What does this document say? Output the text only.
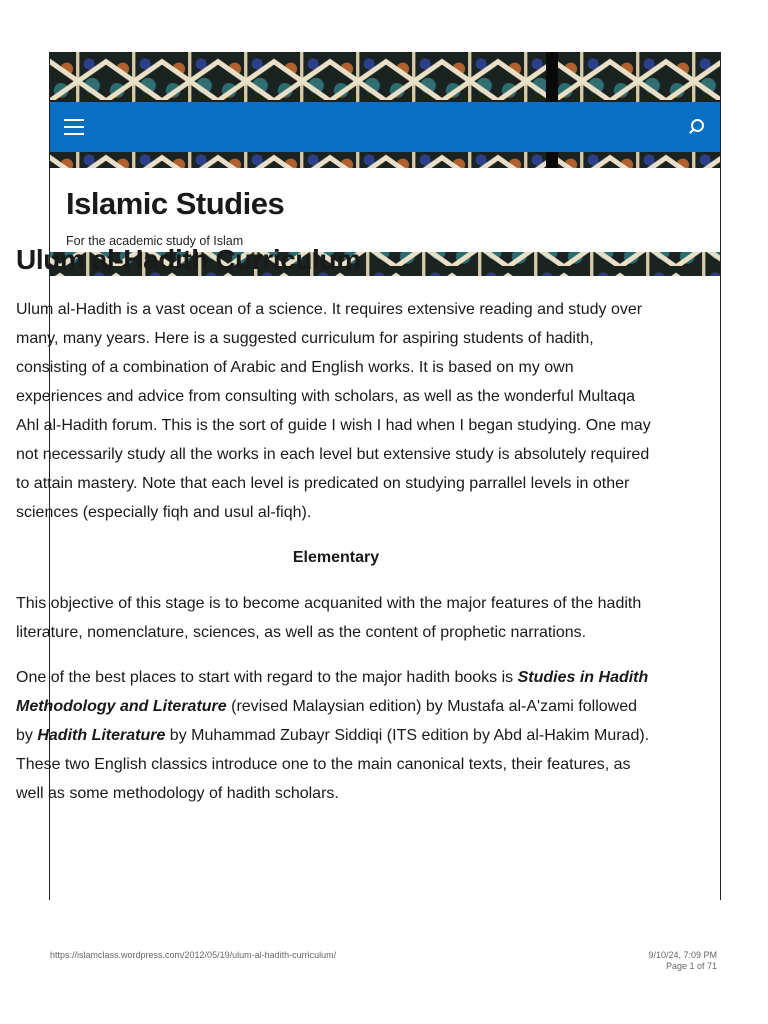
Islamic Studies
For the academic study of Islam
Ulum al-Hadith Curriculum

Ulum al-Hadith is a vast ocean of a science. It requires extensive reading and study over many, many years. Here is a suggested curriculum for aspiring students of hadith, consisting of a combination of Arabic and English works. It is based on my own experiences and advice from consulting with scholars, as well as the wonderful Multaqa Ahl al-Hadith forum. This is the sort of guide I wish I had when I began studying. One may not necessarily study all the works in each level but extensive study is absolutely required to attain mastery. Note that each level is predicated on studying parrallel levels in other sciences (especially fiqh and usul al-fiqh).

Elementary

This objective of this stage is to become acquanited with the major features of the hadith literature, nomenclature, sciences, as well as the content of prophetic narrations.

One of the best places to start with regard to the major hadith books is Studies in Hadith Methodology and Literature (revised Malaysian edition) by Mustafa al-A'zami followed by Hadith Literature by Muhammad Zubayr Siddiqi (ITS edition by Abd al-Hakim Murad). These two English classics introduce one to the main canonical texts, their features, as well as some methodology of hadith scholars.

https://islamclass.wordpress.com/2012/05/19/ulum-al-hadith-curriculum/	9/10/24, 7:09 PM
Page 1 of 71
